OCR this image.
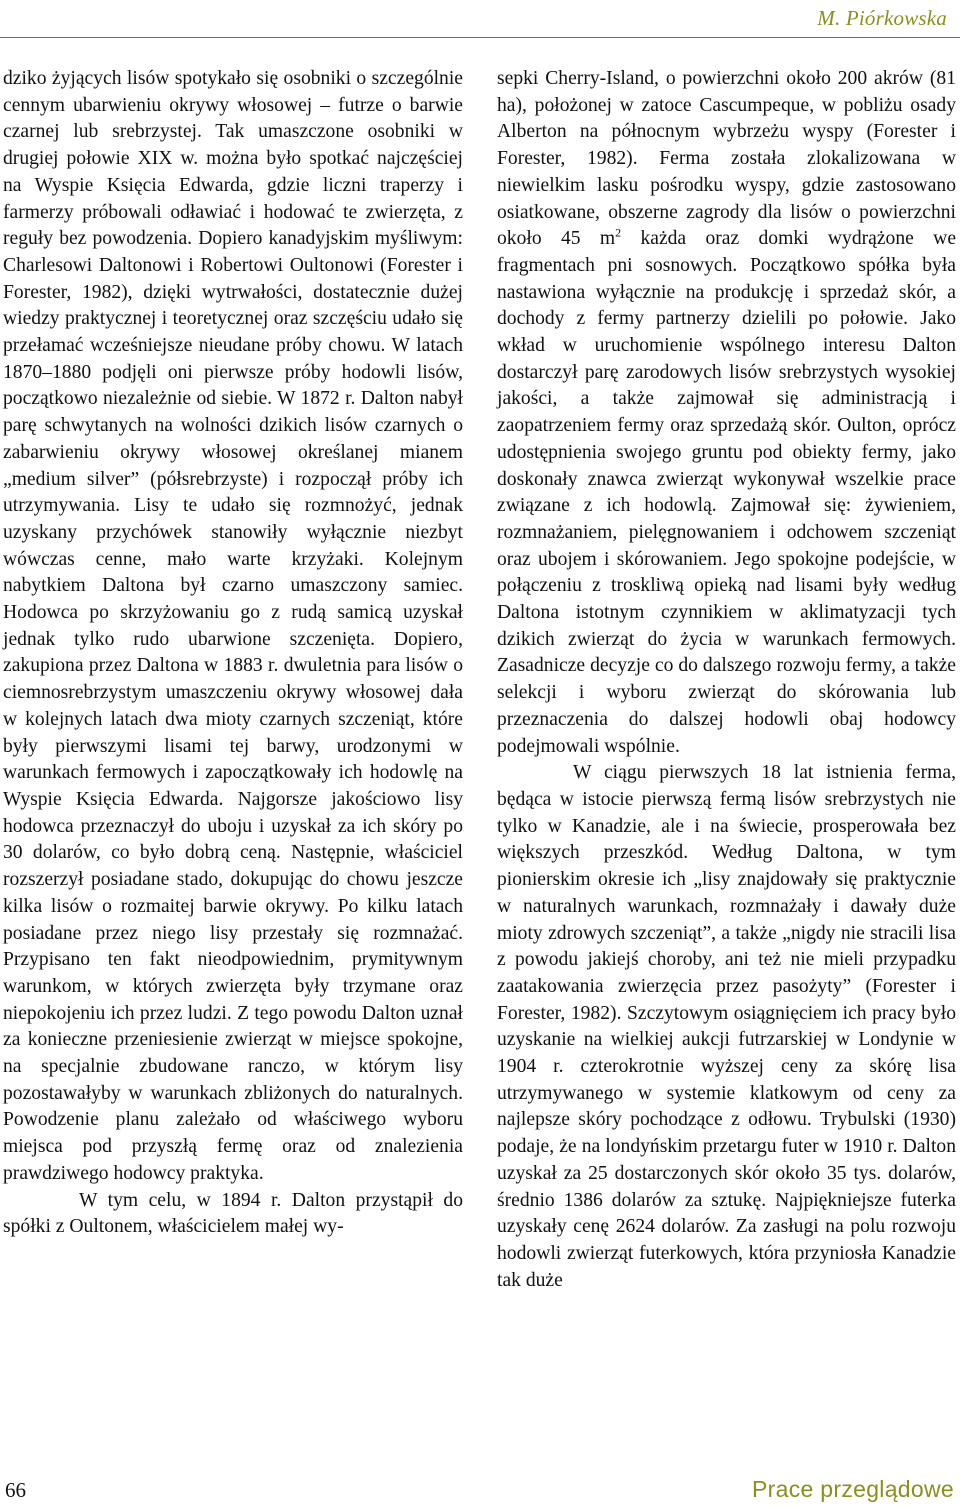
M. Piórkowska

dziko żyjących lisów spotykało się osobniki o szczególnie cennym ubarwieniu okrywy włosowej – futrze o barwie czarnej lub srebrzystej. Tak umaszczone osobniki w drugiej połowie XIX w. można było spotkać najczęściej na Wyspie Księcia Edwarda, gdzie liczni traperzy i farmerzy próbowali odławiać i hodować te zwierzęta, z reguły bez powodzenia. Dopiero kanadyjskim myśliwym: Charlesowi Daltonowi i Robertowi Oultonowi (Forester i Forester, 1982), dzięki wytrwałości, dostatecznie dużej wiedzy praktycznej i teoretycznej oraz szczęściu udało się przełamać wcześniejsze nieudane próby chowu. W latach 1870–1880 podjęli oni pierwsze próby hodowli lisów, początkowo niezależnie od siebie. W 1872 r. Dalton nabył parę schwytanych na wolności dzikich lisów czarnych o zabarwieniu okrywy włosowej określanej mianem „medium silver” (półsrebrzyste) i rozpoczął próby ich utrzymywania. Lisy te udało się rozmnożyć, jednak uzyskany przychówek stanowiły wyłącznie niezbyt wówczas cenne, mało warte krzyżaki. Kolejnym nabytkiem Daltona był czarno umaszczony samiec. Hodowca po skrzyżowaniu go z rudą samicą uzyskał jednak tylko rudo ubarwione szczenięta. Dopiero, zakupiona przez Daltona w 1883 r. dwuletnia para lisów o ciemnosrebrzystym umaszczeniu okrywy włosowej dała w kolejnych latach dwa mioty czarnych szczeniąt, które były pierwszymi lisami tej barwy, urodzonymi w warunkach fermowych i zapoczątkowały ich hodowlę na Wyspie Księcia Edwarda. Najgorsze jakościowo lisy hodowca przeznaczył do uboju i uzyskał za ich skóry po 30 dolarów, co było dobrą ceną. Następnie, właściciel rozszerzył posiadane stado, dokupując do chowu jeszcze kilka lisów o rozmaitej barwie okrywy. Po kilku latach posiadane przez niego lisy przestały się rozmnażać. Przypisano ten fakt nieodpowiednim, prymitywnym warunkom, w których zwierzęta były trzymane oraz niepokojeniu ich przez ludzi. Z tego powodu Dalton uznał za konieczne przeniesienie zwierząt w miejsce spokojne, na specjalnie zbudowane ranczo, w którym lisy pozostawałyby w warunkach zbliżonych do naturalnych. Powodzenie planu zależało od właściwego wyboru miejsca pod przyszłą fermę oraz od znalezienia prawdziwego hodowcy praktyka.

W tym celu, w 1894 r. Dalton przystąpił do spółki z Oultonem, właścicielem małej wy-

sepki Cherry-Island, o powierzchni około 200 akrów (81 ha), położonej w zatoce Cascumpeque, w pobliżu osady Alberton na północnym wybrzeżu wyspy (Forester i Forester, 1982). Ferma została zlokalizowana w niewielkim lasku pośrodku wyspy, gdzie zastosowano osiatkowane, obszerne zagrody dla lisów o powierzchni około 45 $m^2$ każda oraz domki wydrążone we fragmentach pni sosnowych. Początkowo spółka była nastawiona wyłącznie na produkcję i sprzedaż skór, a dochody z fermy partnerzy dzielili po połowie. Jako wkład w uruchomienie wspólnego interesu Dalton dostarczył parę zarodowych lisów srebrzystych wysokiej jakości, a także zajmował się administracją i zaopatrzeniem fermy oraz sprzedażą skór. Oulton, oprócz udostępnienia swojego gruntu pod obiekty fermy, jako doskonały znawca zwierząt wykonywał wszelkie prace związane z ich hodowlą. Zajmował się: żywieniem, rozmnażaniem, pielęgnowaniem i odchowem szczeniąt oraz ubojem i skórowaniem. Jego spokojne podejście, w połączeniu z troskliwą opieką nad lisami były według Daltona istotnym czynnikiem w aklimatyzacji tych dzikich zwierząt do życia w warunkach fermowych. Zasadnicze decyzje co do dalszego rozwoju fermy, a także selekcji i wyboru zwierząt do skórowania lub przeznaczenia do dalszej hodowli obaj hodowcy podejmowali wspólnie.

W ciągu pierwszych 18 lat istnienia ferma, będąca w istocie pierwszą fermą lisów srebrzystych nie tylko w Kanadzie, ale i na świecie, prosperowała bez większych przeszkód. Według Daltona, w tym pionierskim okresie ich „lisy znajdowały się praktycznie w naturalnych warunkach, rozmnażały i dawały duże mioty zdrowych szczeniąt”, a także „nigdy nie stracili lisa z powodu jakiejś choroby, ani też nie mieli przypadku zaatakowania zwierzęcia przez pasożyty” (Forester i Forester, 1982). Szczytowym osiągnięciem ich pracy było uzyskanie na wielkiej aukcji futrzarskiej w Londynie w 1904 r. czterokrotnie wyższej ceny za skórę lisa utrzymywanego w systemie klatkowym od ceny za najlepsze skóry pochodzące z odłowu. Trybulski (1930) podaje, że na londyńskim przetargu futer w 1910 r. Dalton uzyskał za 25 dostarczonych skór około 35 tys. dolarów, średnio 1386 dolarów za sztukę. Najpiękniejsze futerka uzyskały cenę 2624 dolarów. Za zasługi na polu rozwoju hodowli zwierząt futerkowych, która przyniosła Kanadzie tak duże

66	Prace przeglądowe
